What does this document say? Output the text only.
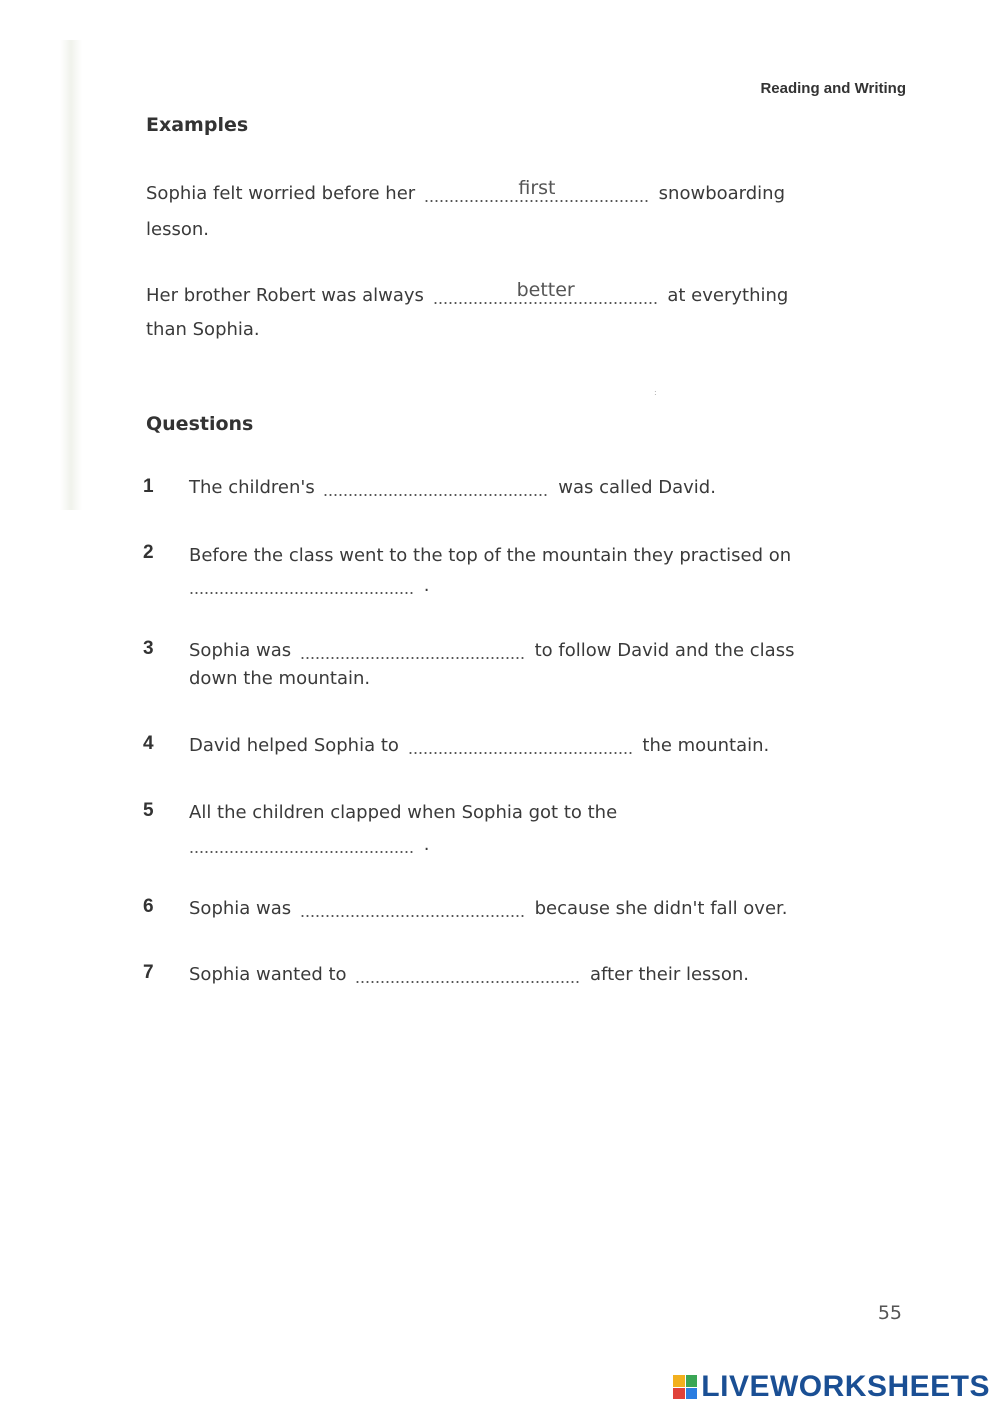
Reading and Writing
Examples
Sophia felt worried before her	first	snowboarding
lesson.
Her brother Robert was always	better	at everything
than Sophia.
:
Questions
1 The children's	was called David.
2 Before the class went to the top of the mountain they practised on
.
3 Sophia was	to follow David and the class
down the mountain.
4 David helped Sophia to	the mountain.
5 All the children clapped when Sophia got to the
.
6 Sophia was	because she didn't fall over.
7 Sophia wanted to	after their lesson.
55
LIVEWORKSHEETS
